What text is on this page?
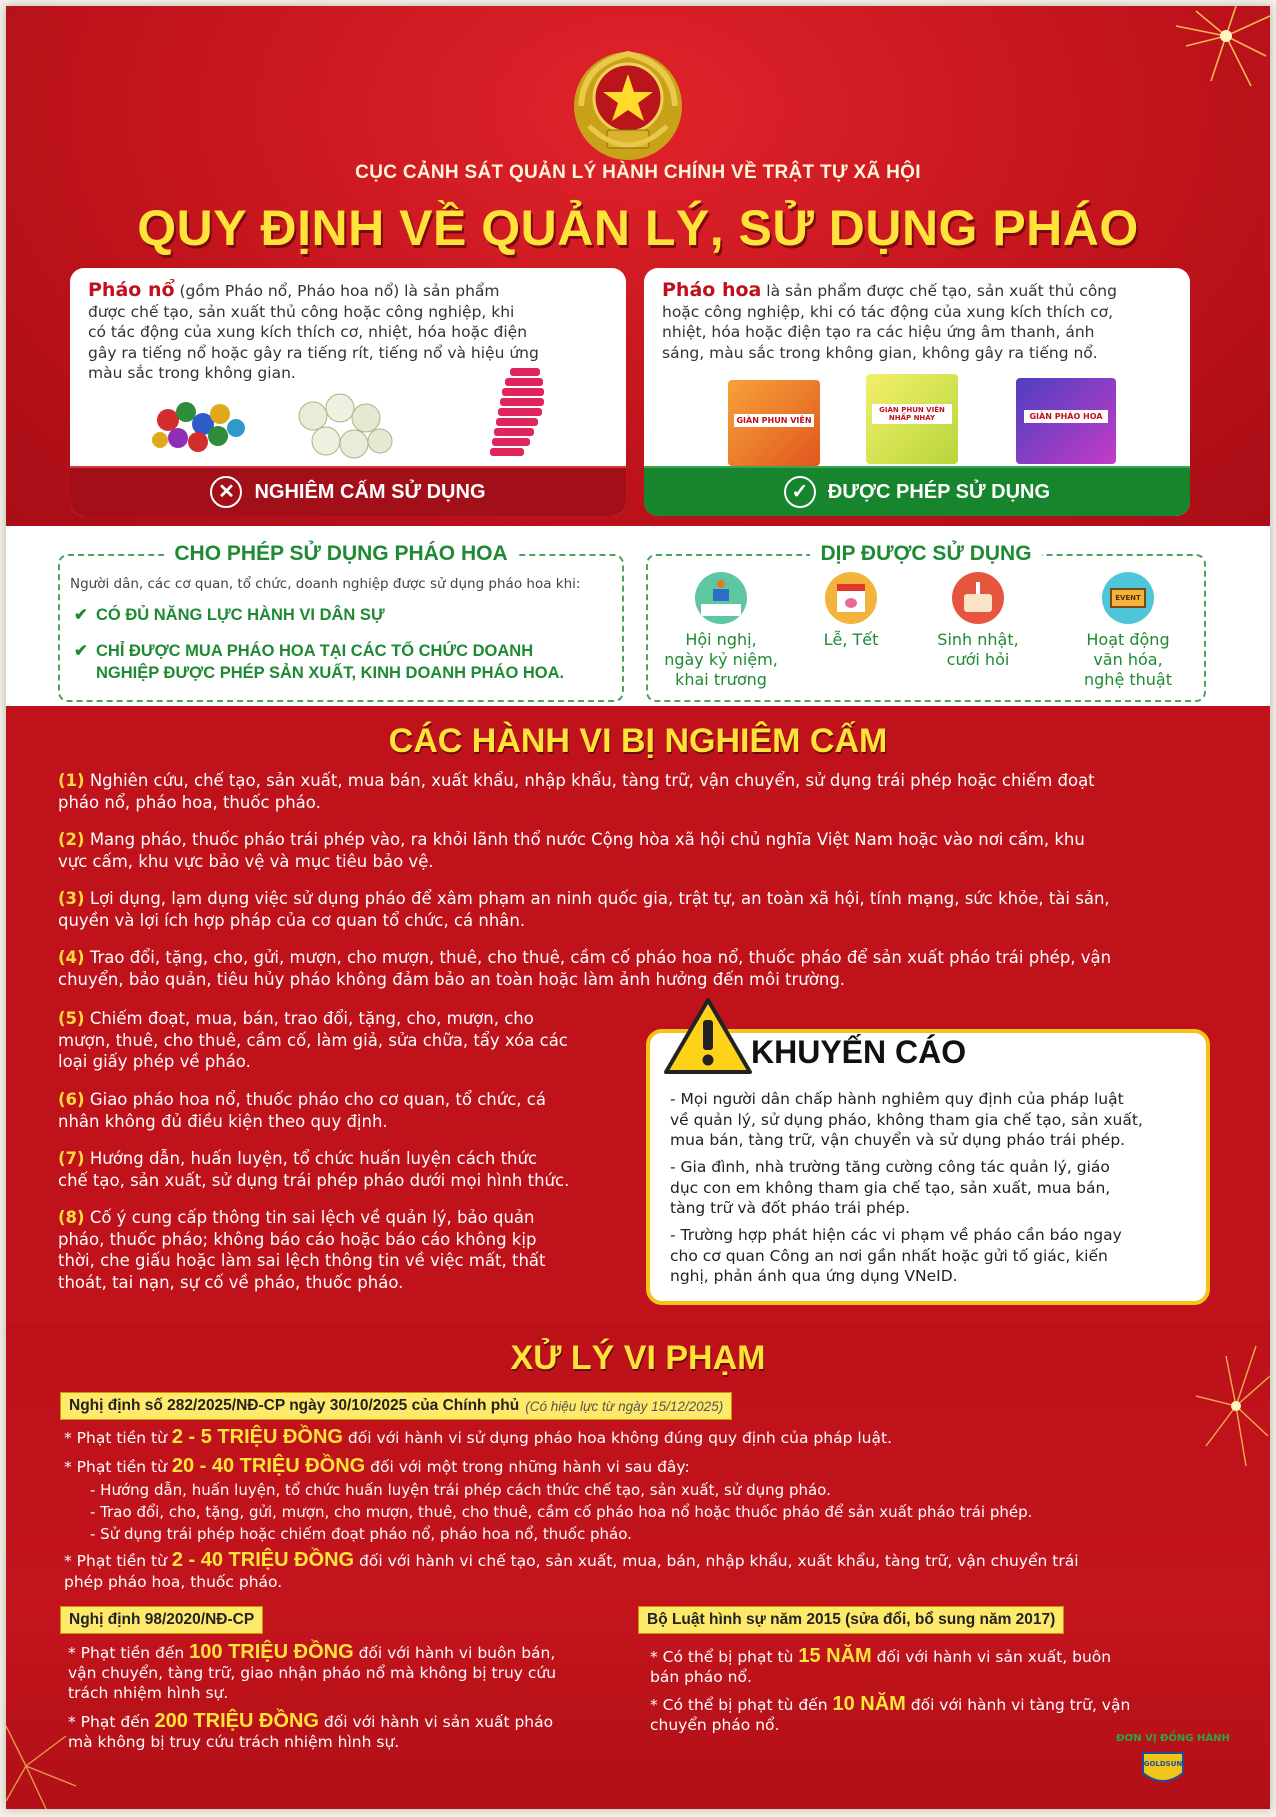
CỤC CẢNH SÁT QUẢN LÝ HÀNH CHÍNH VỀ TRẬT TỰ XÃ HỘI
QUY ĐỊNH VỀ QUẢN LÝ, SỬ DỤNG PHÁO
Pháo nổ (gồm Pháo nổ, Pháo hoa nổ) là sản phẩm
được chế tạo, sản xuất thủ công hoặc công nghiệp, khi
có tác động của xung kích thích cơ, nhiệt, hóa hoặc điện
gây ra tiếng nổ hoặc gây ra tiếng rít, tiếng nổ và hiệu ứng
màu sắc trong không gian.
✕ NGHIÊM CẤM SỬ DỤNG
Pháo hoa là sản phẩm được chế tạo, sản xuất thủ công
hoặc công nghiệp, khi có tác động của xung kích thích cơ,
nhiệt, hóa hoặc điện tạo ra các hiệu ứng âm thanh, ánh
sáng, màu sắc trong không gian, không gây ra tiếng nổ.
GIÀN PHUN VIÊN
GIÀN PHUN VIÊN NHẤP NHÁY	GIÀN PHÁO HOA
✓ ĐƯỢC PHÉP SỬ DỤNG
CHO PHÉP SỬ DỤNG PHÁO HOA
Người dân, các cơ quan, tổ chức, doanh nghiệp được sử dụng pháo hoa khi:
✔ CÓ ĐỦ NĂNG LỰC HÀNH VI DÂN SỰ
✔ CHỈ ĐƯỢC MUA PHÁO HOA TẠI CÁC TỔ CHỨC DOANH
NGHIỆP ĐƯỢC PHÉP SẢN XUẤT, KINH DOANH PHÁO HOA.
DỊP ĐƯỢC SỬ DỤNG
Hội nghị,
ngày kỷ niệm,
khai trương
Lễ, Tết	Sinh nhật,
cưới hỏi
EVENT
Hoạt động
văn hóa,
nghệ thuật
CÁC HÀNH VI BỊ NGHIÊM CẤM
(1) Nghiên cứu, chế tạo, sản xuất, mua bán, xuất khẩu, nhập khẩu, tàng trữ, vận chuyển, sử dụng trái phép hoặc chiếm đoạt
pháo nổ, pháo hoa, thuốc pháo.
(2) Mang pháo, thuốc pháo trái phép vào, ra khỏi lãnh thổ nước Cộng hòa xã hội chủ nghĩa Việt Nam hoặc vào nơi cấm, khu
vực cấm, khu vực bảo vệ và mục tiêu bảo vệ.
(3) Lợi dụng, lạm dụng việc sử dụng pháo để xâm phạm an ninh quốc gia, trật tự, an toàn xã hội, tính mạng, sức khỏe, tài sản,
quyền và lợi ích hợp pháp của cơ quan tổ chức, cá nhân.
(4) Trao đổi, tặng, cho, gửi, mượn, cho mượn, thuê, cho thuê, cầm cố pháo hoa nổ, thuốc pháo để sản xuất pháo trái phép, vận
chuyển, bảo quản, tiêu hủy pháo không đảm bảo an toàn hoặc làm ảnh hưởng đến môi trường.
(5) Chiếm đoạt, mua, bán, trao đổi, tặng, cho, mượn, cho
mượn, thuê, cho thuê, cầm cố, làm giả, sửa chữa, tẩy xóa các
loại giấy phép về pháo.
(6) Giao pháo hoa nổ, thuốc pháo cho cơ quan, tổ chức, cá
nhân không đủ điều kiện theo quy định.
(7) Hướng dẫn, huấn luyện, tổ chức huấn luyện cách thức
chế tạo, sản xuất, sử dụng trái phép pháo dưới mọi hình thức.
(8) Cố ý cung cấp thông tin sai lệch về quản lý, bảo quản
pháo, thuốc pháo; không báo cáo hoặc báo cáo không kịp
thời, che giấu hoặc làm sai lệch thông tin về việc mất, thất
thoát, tai nạn, sự cố về pháo, thuốc pháo.
- Mọi người dân chấp hành nghiêm quy định của pháp luật
về quản lý, sử dụng pháo, không tham gia chế tạo, sản xuất,
mua bán, tàng trữ, vận chuyển và sử dụng pháo trái phép.
- Gia đình, nhà trường tăng cường công tác quản lý, giáo
dục con em không tham gia chế tạo, sản xuất, mua bán,
tàng trữ và đốt pháo trái phép.
- Trường hợp phát hiện các vi phạm về pháo cần báo ngay
cho cơ quan Công an nơi gần nhất hoặc gửi tố giác, kiến
nghị, phản ánh qua ứng dụng VNeID.
KHUYẾN CÁO
XỬ LÝ VI PHẠM
Nghị định số 282/2025/NĐ-CP ngày 30/10/2025 của Chính phủ (Có hiệu lực từ ngày 15/12/2025)
* Phạt tiền từ 2 - 5 TRIỆU ĐỒNG đối với hành vi sử dụng pháo hoa không đúng quy định của pháp luật.
* Phạt tiền từ 20 - 40 TRIỆU ĐỒNG đối với một trong những hành vi sau đây:
- Hướng dẫn, huấn luyện, tổ chức huấn luyện trái phép cách thức chế tạo, sản xuất, sử dụng pháo.
- Trao đổi, cho, tặng, gửi, mượn, cho mượn, thuê, cho thuê, cầm cố pháo hoa nổ hoặc thuốc pháo để sản xuất pháo trái phép.
- Sử dụng trái phép hoặc chiếm đoạt pháo nổ, pháo hoa nổ, thuốc pháo.
* Phạt tiền từ 2 - 40 TRIỆU ĐỒNG đối với hành vi chế tạo, sản xuất, mua, bán, nhập khẩu, xuất khẩu, tàng trữ, vận chuyển trái
phép pháo hoa, thuốc pháo.
Nghị định 98/2020/NĐ-CP
* Phạt tiền đến 100 TRIỆU ĐỒNG đối với hành vi buôn bán,
vận chuyển, tàng trữ, giao nhận pháo nổ mà không bị truy cứu
trách nhiệm hình sự.
* Phạt đến 200 TRIỆU ĐỒNG đối với hành vi sản xuất pháo
mà không bị truy cứu trách nhiệm hình sự.
Bộ Luật hình sự năm 2015 (sửa đổi, bổ sung năm 2017)
* Có thể bị phạt tù 15 NĂM đối với hành vi sản xuất, buôn
bán pháo nổ.
* Có thể bị phạt tù đến 10 NĂM đối với hành vi tàng trữ, vận
chuyển pháo nổ.
ĐƠN VỊ ĐỒNG HÀNH
GOLDSUN
